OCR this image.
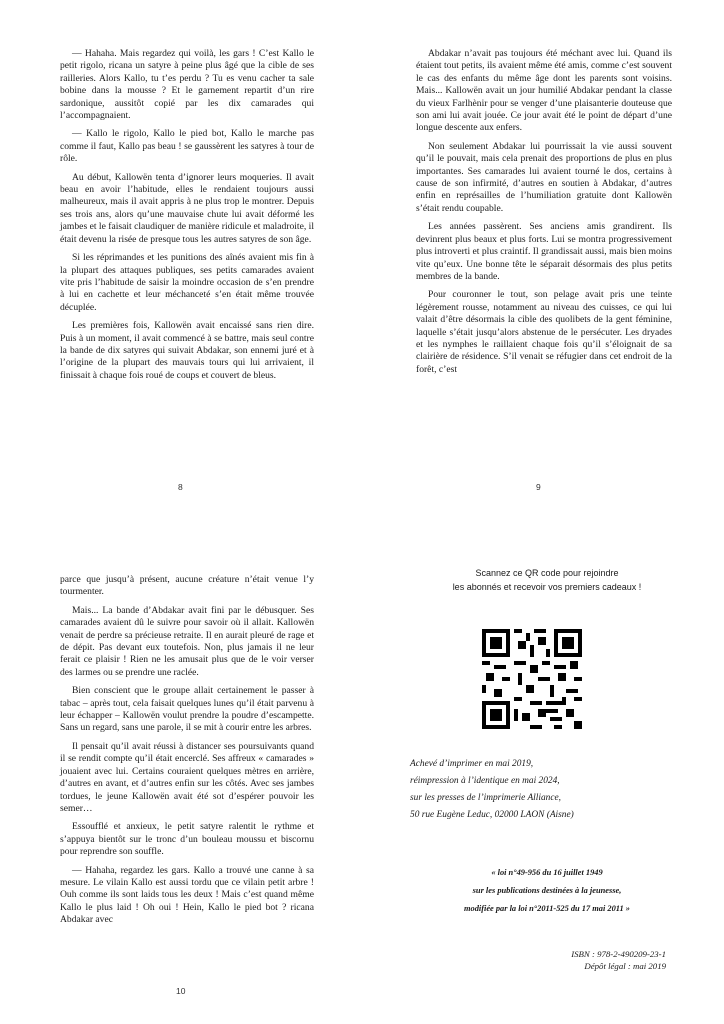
— Hahaha. Mais regardez qui voilà, les gars ! C’est Kallo le petit rigolo, ricana un satyre à peine plus âgé que la cible de ses railleries. Alors Kallo, tu t’es perdu ? Tu es venu cacher ta sale bobine dans la mousse ? Et le garnement repartit d’un rire sardonique, aussitôt copié par les dix camarades qui l’accompagnaient.

— Kallo le rigolo, Kallo le pied bot, Kallo le marche pas comme il faut, Kallo pas beau ! se gaussèrent les satyres à tour de rôle.

Au début, Kallowën tenta d’ignorer leurs moqueries. Il avait beau en avoir l’habitude, elles le rendaient toujours aussi malheureux, mais il avait appris à ne plus trop le montrer. Depuis ses trois ans, alors qu’une mauvaise chute lui avait déformé les jambes et le faisait claudiquer de manière ridicule et maladroite, il était devenu la risée de presque tous les autres satyres de son âge.

Si les réprimandes et les punitions des aînés avaient mis fin à la plupart des attaques publiques, ses petits camarades avaient vite pris l’habitude de saisir la moindre occasion de s’en prendre à lui en cachette et leur méchanceté s’en était même trouvée décuplée.

Les premières fois, Kallowën avait encaissé sans rien dire. Puis à un moment, il avait commencé à se battre, mais seul contre la bande de dix satyres qui suivait Abdakar, son ennemi juré et à l’origine de la plupart des mauvais tours qui lui arrivaient, il finissait à chaque fois roué de coups et couvert de bleus.

8

Abdakar n’avait pas toujours été méchant avec lui. Quand ils étaient tout petits, ils avaient même été amis, comme c’est souvent le cas des enfants du même âge dont les parents sont voisins. Mais... Kallowën avait un jour humilié Abdakar pendant la classe du vieux Farlhènir pour se venger d’une plaisanterie douteuse que son ami lui avait jouée. Ce jour avait été le point de départ d’une longue descente aux enfers.

Non seulement Abdakar lui pourrissait la vie aussi souvent qu’il le pouvait, mais cela prenait des proportions de plus en plus importantes. Ses camarades lui avaient tourné le dos, certains à cause de son infirmité, d’autres en soutien à Abdakar, d’autres enfin en représailles de l’humiliation gratuite dont Kallowën s’était rendu coupable.

Les années passèrent. Ses anciens amis grandirent. Ils devinrent plus beaux et plus forts. Lui se montra progressivement plus introverti et plus craintif. Il grandissait aussi, mais bien moins vite qu’eux. Une bonne tête le séparait désormais des plus petits membres de la bande.

Pour couronner le tout, son pelage avait pris une teinte légèrement rousse, notamment au niveau des cuisses, ce qui lui valait d’être désormais la cible des quolibets de la gent féminine, laquelle s’était jusqu’alors abstenue de le persécuter. Les dryades et les nymphes le raillaient chaque fois qu’il s’éloignait de sa clairière de résidence. S’il venait se réfugier dans cet endroit de la forêt, c’est

9

parce que jusqu’à présent, aucune créature n’était venue l’y tourmenter.

Mais... La bande d’Abdakar avait fini par le débusquer. Ses camarades avaient dû le suivre pour savoir où il allait. Kallowën venait de perdre sa précieuse retraite. Il en aurait pleuré de rage et de dépit. Pas devant eux toutefois. Non, plus jamais il ne leur ferait ce plaisir ! Rien ne les amusait plus que de le voir verser des larmes ou se prendre une raclée.

Bien conscient que le groupe allait certainement le passer à tabac – après tout, cela faisait quelques lunes qu’il était parvenu à leur échapper – Kallowën voulut prendre la poudre d’escampette. Sans un regard, sans une parole, il se mit à courir entre les arbres.

Il pensait qu’il avait réussi à distancer ses poursuivants quand il se rendit compte qu’il était encerclé. Ses affreux « camarades » jouaient avec lui. Certains couraient quelques mètres en arrière, d’autres en avant, et d’autres enfin sur les côtés. Avec ses jambes tordues, le jeune Kallowën avait été sot d’espérer pouvoir les semer…

Essoufflé et anxieux, le petit satyre ralentit le rythme et s’appuya bientôt sur le tronc d’un bouleau moussu et biscornu pour reprendre son souffle.

— Hahaha, regardez les gars. Kallo a trouvé une canne à sa mesure. Le vilain Kallo est aussi tordu que ce vilain petit arbre ! Ouh comme ils sont laids tous les deux ! Mais c’est quand même Kallo le plus laid ! Oh oui ! Hein, Kallo le pied bot ? ricana Abdakar avec

10
Scannez ce QR code pour rejoindre
les abonnés et recevoir vos premiers cadeaux !
Achevé d’imprimer en mai 2019,
réimpression à l’identique en mai 2024,
sur les presses de l’imprimerie Alliance,
50 rue Eugène Leduc, 02000 LAON (Aisne)
« loi n°49-956 du 16 juillet 1949
sur les publications destinées à la jeunesse,
modifiée par la loi n°2011-525 du 17 mai 2011 »
ISBN : 978-2-490209-23-1
Dépôt légal : mai 2019
